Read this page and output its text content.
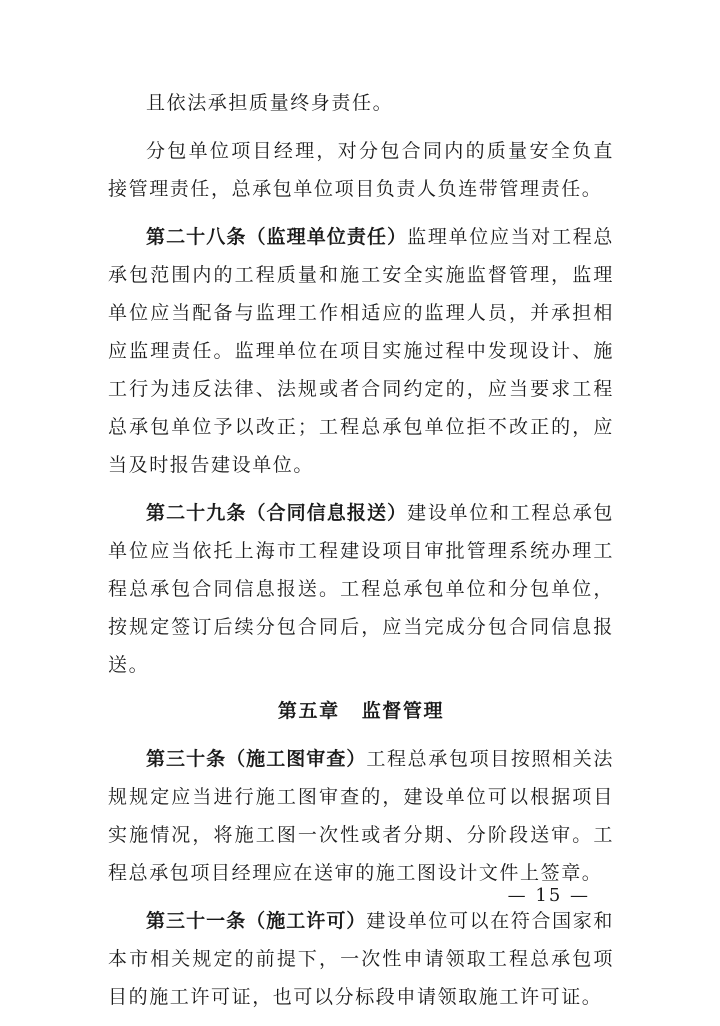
且依法承担质量终身责任。

分包单位项目经理，对分包合同内的质量安全负直接管理责任，总承包单位项目负责人负连带管理责任。

第二十八条（监理单位责任）监理单位应当对工程总承包范围内的工程质量和施工安全实施监督管理，监理单位应当配备与监理工作相适应的监理人员，并承担相应监理责任。监理单位在项目实施过程中发现设计、施工行为违反法律、法规或者合同约定的，应当要求工程总承包单位予以改正；工程总承包单位拒不改正的，应当及时报告建设单位。

第二十九条（合同信息报送）建设单位和工程总承包单位应当依托上海市工程建设项目审批管理系统办理工程总承包合同信息报送。工程总承包单位和分包单位，按规定签订后续分包合同后，应当完成分包合同信息报送。

第五章 监督管理

第三十条（施工图审查）工程总承包项目按照相关法规规定应当进行施工图审查的，建设单位可以根据项目实施情况，将施工图一次性或者分期、分阶段送审。工程总承包项目经理应在送审的施工图设计文件上签章。

第三十一条（施工许可）建设单位可以在符合国家和本市相关规定的前提下，一次性申请领取工程总承包项目的施工许可证，也可以分标段申请领取施工许可证。

— 15 —
